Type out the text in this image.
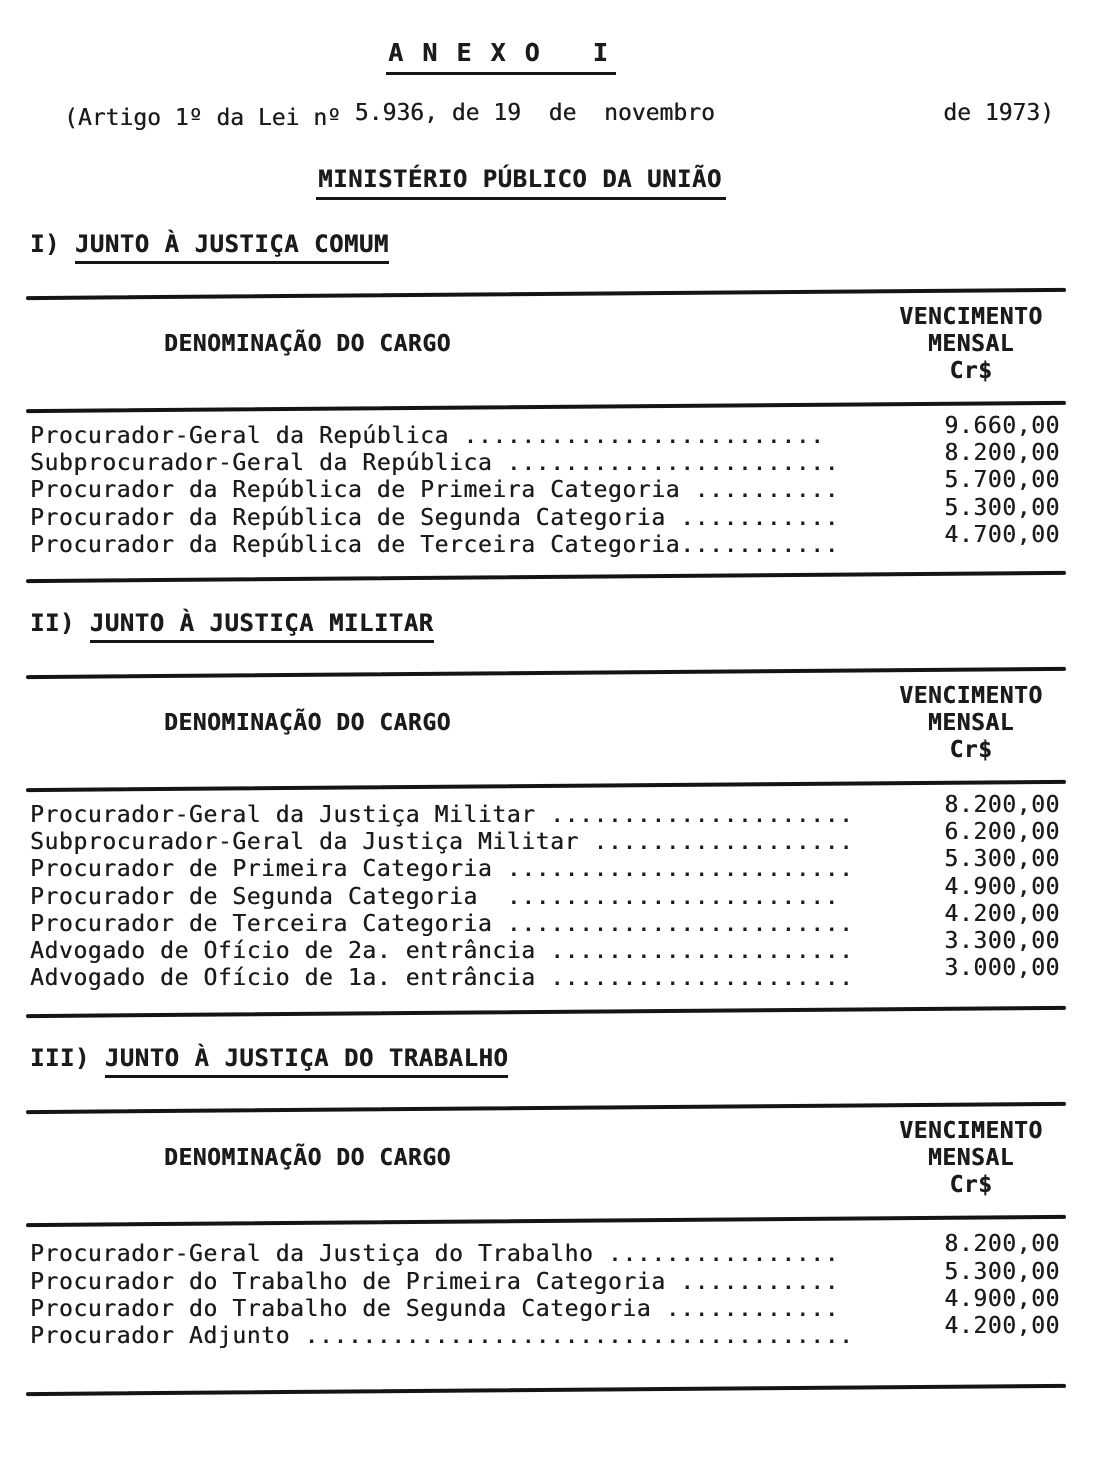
A N E X O   I

(Artigo 1º da Lei nº 5.936, de 19  de  novembro	de 1973)

MINISTÉRIO PÚBLICO DA UNIÃO
I) JUNTO À JUSTIÇA COMUM
DENOMINAÇÃO DO CARGO
VENCIMENTO
MENSAL
Cr$
Procurador-Geral da República .........................	9.660,00
Subprocurador-Geral da República .......................	8.200,00
Procurador da República de Primeira Categoria ..........	5.700,00
Procurador da República de Segunda Categoria ...........	5.300,00
Procurador da República de Terceira Categoria...........	4.700,00
II) JUNTO À JUSTIÇA MILITAR
DENOMINAÇÃO DO CARGO
VENCIMENTO
MENSAL
Cr$
Procurador-Geral da Justiça Militar .....................	8.200,00
Subprocurador-Geral da Justiça Militar ..................	6.200,00
Procurador de Primeira Categoria ........................	5.300,00
Procurador de Segunda Categoria  .......................	4.900,00
Procurador de Terceira Categoria ........................	4.200,00
Advogado de Ofício de 2a. entrância .....................	3.300,00
Advogado de Ofício de 1a. entrância .....................	3.000,00
III) JUNTO À JUSTIÇA DO TRABALHO
DENOMINAÇÃO DO CARGO
VENCIMENTO
MENSAL
Cr$
Procurador-Geral da Justiça do Trabalho ................	8.200,00
Procurador do Trabalho de Primeira Categoria ...........	5.300,00
Procurador do Trabalho de Segunda Categoria ............	4.900,00
Procurador Adjunto ......................................	4.200,00
